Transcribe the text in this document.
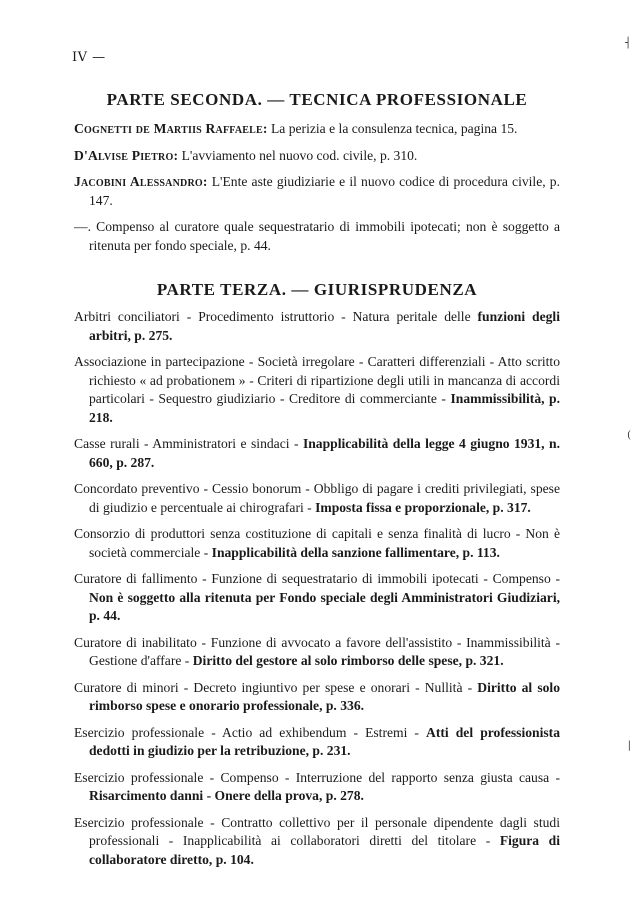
IV —
PARTE SECONDA. — TECNICA PROFESSIONALE
Cognetti de Martiis Raffaele: La perizia e la consulenza tecnica, pagina 15.
D'Alvise Pietro: L'avviamento nel nuovo cod. civile, p. 310.
Jacobini Alessandro: L'Ente aste giudiziarie e il nuovo codice di procedura civile, p. 147.
—. Compenso al curatore quale sequestratario di immobili ipotecati; non è soggetto a ritenuta per fondo speciale, p. 44.
PARTE TERZA. — GIURISPRUDENZA
Arbitri conciliatori - Procedimento istruttorio - Natura peritale delle funzioni degli arbitri, p. 275.
Associazione in partecipazione - Società irregolare - Caratteri differenziali - Atto scritto richiesto « ad probationem » - Criteri di ripartizione degli utili in mancanza di accordi particolari - Sequestro giudiziario - Creditore di commerciante - Inammissibilità, p. 218.
Casse rurali - Amministratori e sindaci - Inapplicabilità della legge 4 giugno 1931, n. 660, p. 287.
Concordato preventivo - Cessio bonorum - Obbligo di pagare i crediti privilegiati, spese di giudizio e percentuale ai chirografari - Imposta fissa e proporzionale, p. 317.
Consorzio di produttori senza costituzione di capitali e senza finalità di lucro - Non è società commerciale - Inapplicabilità della sanzione fallimentare, p. 113.
Curatore di fallimento - Funzione di sequestratario di immobili ipotecati - Compenso - Non è soggetto alla ritenuta per Fondo speciale degli Amministratori Giudiziari, p. 44.
Curatore di inabilitato - Funzione di avvocato a favore dell'assistito - Inammissibilità - Gestione d'affare - Diritto del gestore al solo rimborso delle spese, p. 321.
Curatore di minori - Decreto ingiuntivo per spese e onorari - Nullità - Diritto al solo rimborso spese e onorario professionale, p. 336.
Esercizio professionale - Actio ad exhibendum - Estremi - Atti del professionista dedotti in giudizio per la retribuzione, p. 231.
Esercizio professionale - Compenso - Interruzione del rapporto senza giusta causa - Risarcimento danni - Onere della prova, p. 278.
Esercizio professionale - Contratto collettivo per il personale dipendente dagli studi professionali - Inapplicabilità ai collaboratori diretti del titolare - Figura di collaboratore diretto, p. 104.
┤
(
|
